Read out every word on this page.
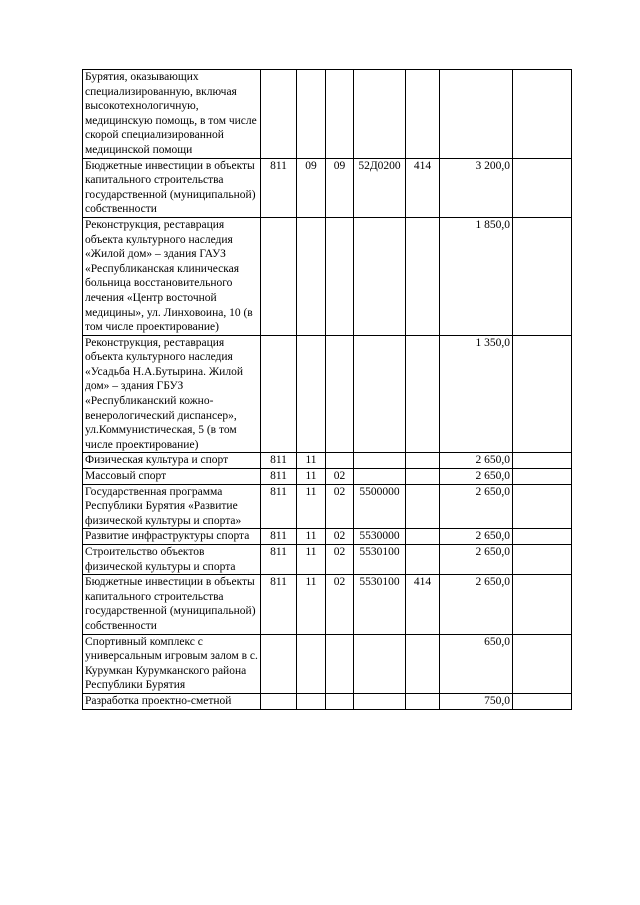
Бурятия, оказывающих специализированную, включая высокотехнологичную, медицинскую помощь, в том числе скорой специализированной медицинской помощи							
Бюджетные инвестиции в объекты капитального строительства государственной (муниципальной) собственности	811	09	09	52Д0200	414	3 200,0	
Реконструкция, реставрация объекта культурного наследия «Жилой дом» – здания ГАУЗ «Республиканская клиническая больница восстановительного лечения «Центр восточной медицины», ул. Линховоина, 10 (в том числе проектирование)						1 850,0	
Реконструкция, реставрация объекта культурного наследия «Усадьба Н.А.Бутырина. Жилой дом» – здания ГБУЗ «Республиканский кожно-венерологический диспансер», ул.Коммунистическая, 5 (в том числе проектирование)						1 350,0	
Физическая культура и спорт	811	11				2 650,0	
Массовый спорт	811	11	02			2 650,0	
Государственная программа Республики Бурятия «Развитие физической культуры и спорта»	811	11	02	5500000		2 650,0	
Развитие инфраструктуры спорта	811	11	02	5530000		2 650,0	
Строительство объектов физической культуры и спорта	811	11	02	5530100		2 650,0	
Бюджетные инвестиции в объекты капитального строительства государственной (муниципальной) собственности	811	11	02	5530100	414	2 650,0	
Спортивный комплекс с универсальным игровым залом в с. Курумкан Курумканского района Республики Бурятия						650,0	
Разработка проектно-сметной						750,0	
